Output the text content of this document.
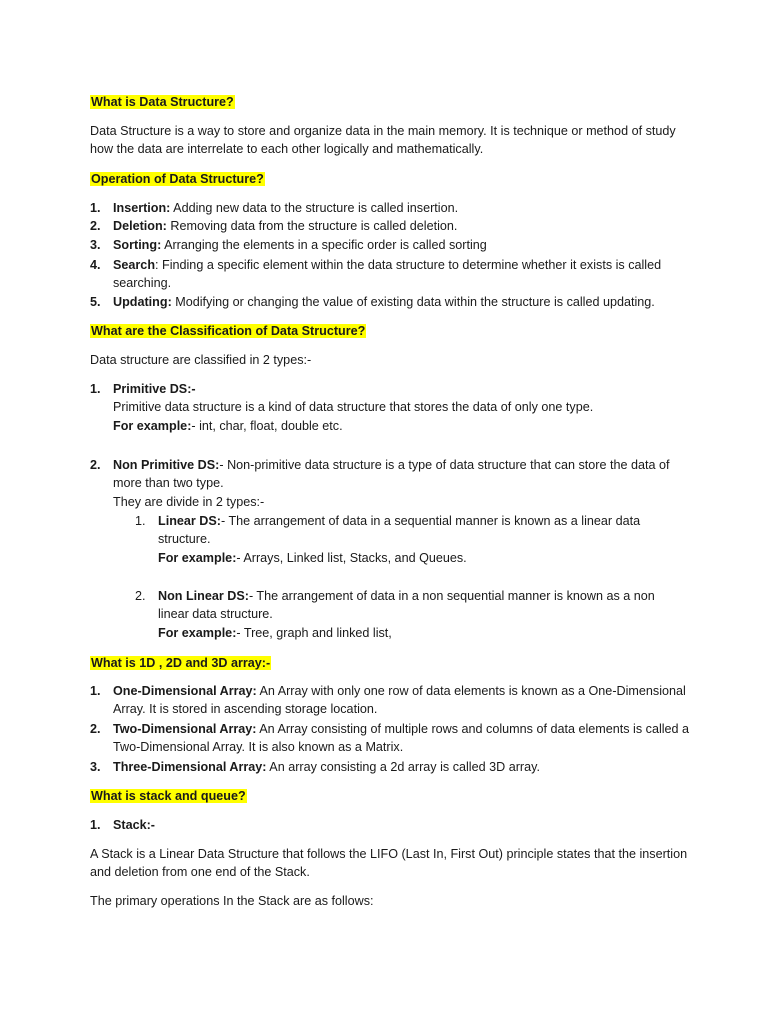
What is Data Structure?

Data Structure is a way to store and organize data in the main memory. It is technique or method of study how the data are interrelate to each other logically and mathematically.

Operation of Data Structure?
1. Insertion: Adding new data to the structure is called insertion.
2. Deletion: Removing data from the structure is called deletion.
3. Sorting: Arranging the elements in a specific order is called sorting
4. Search: Finding a specific element within the data structure to determine whether it exists is called searching.
5. Updating: Modifying or changing the value of existing data within the structure is called updating.
What are the Classification of Data Structure?

Data structure are classified in 2 types:-

1. Primitive DS:-
Primitive data structure is a kind of data structure that stores the data of only one type.
For example:- int, char, float, double etc.
2. Non Primitive DS:- Non-primitive data structure is a type of data structure that can store the data of more than two type.
They are divide in 2 types:-
1. Linear DS:- The arrangement of data in a sequential manner is known as a linear data structure.
For example:- Arrays, Linked list, Stacks, and Queues.
2. Non Linear DS:- The arrangement of data in a non sequential manner is known as a non linear data structure.
For example:- Tree, graph and linked list,
What is 1D , 2D and 3D array:-
1. One-Dimensional Array: An Array with only one row of data elements is known as a One-Dimensional Array. It is stored in ascending storage location.
2. Two-Dimensional Array: An Array consisting of multiple rows and columns of data elements is called a Two-Dimensional Array. It is also known as a Matrix.
3. Three-Dimensional Array: An array consisting a 2d array is called 3D array.
What is stack and queue?
1. Stack:-

A Stack is a Linear Data Structure that follows the LIFO (Last In, First Out) principle states that the insertion and deletion from one end of the Stack.

The primary operations In the Stack are as follows:
